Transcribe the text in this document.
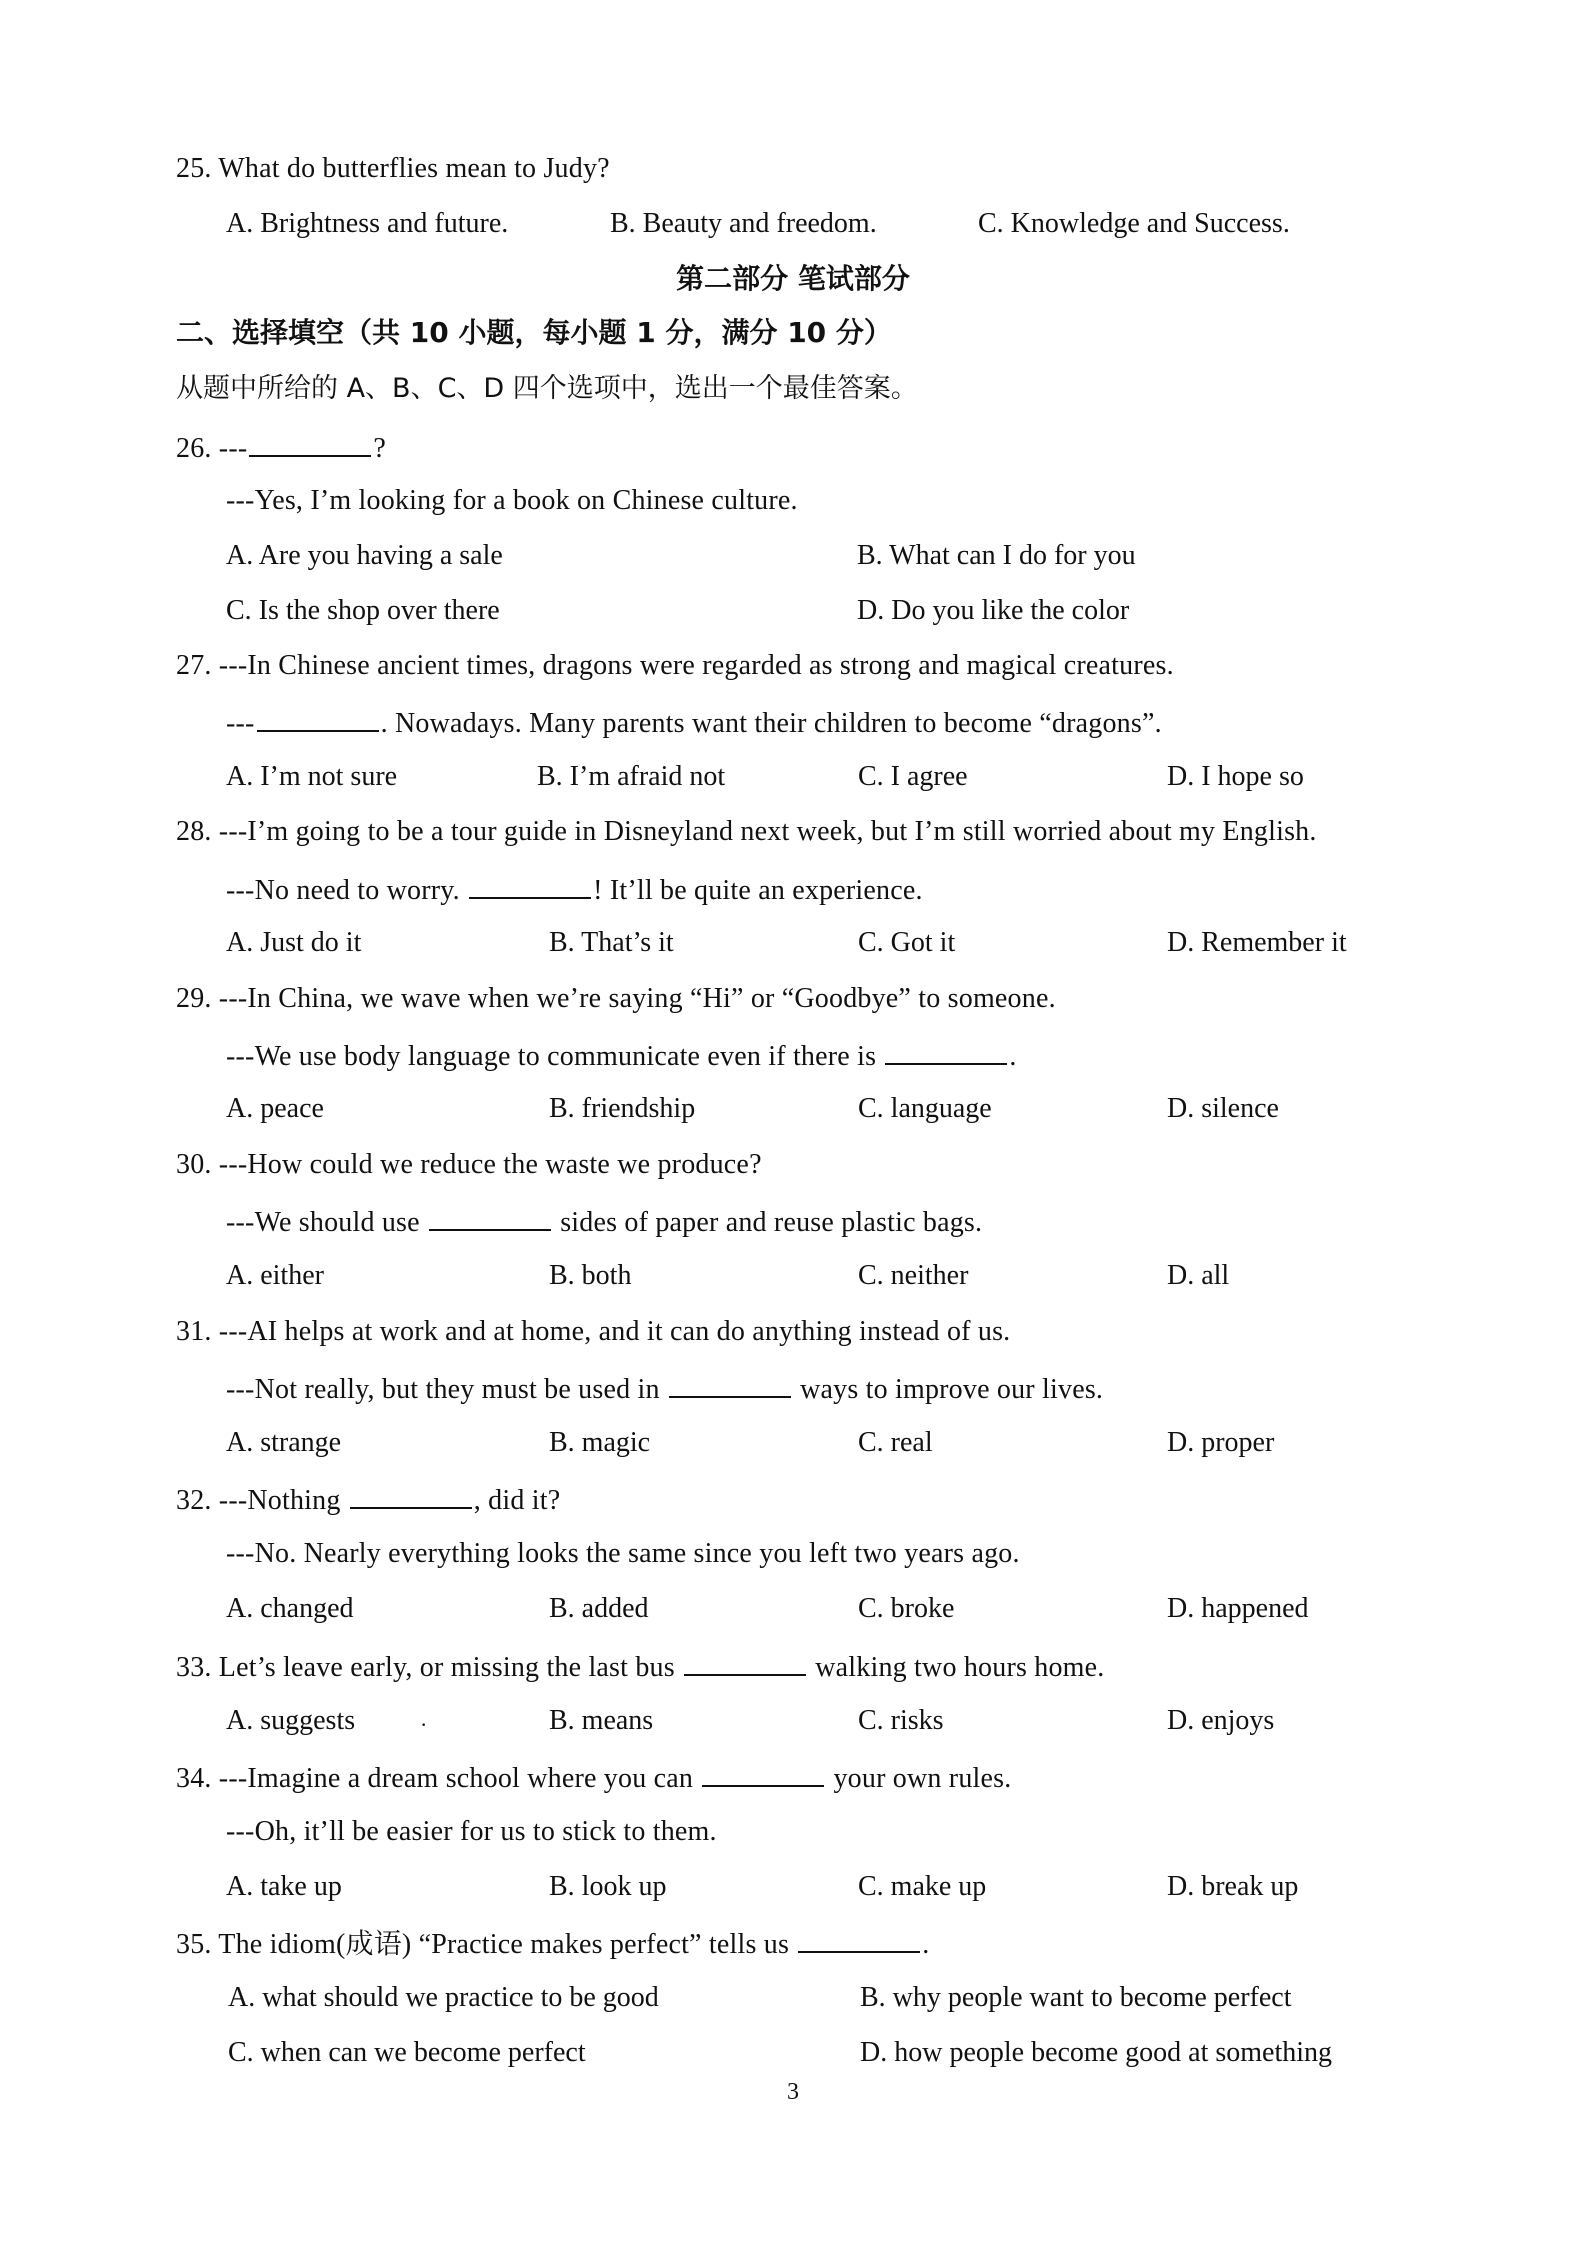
25. What do butterflies mean to Judy?
A. Brightness and future.	B. Beauty and freedom.	C. Knowledge and Success.
第二部分 笔试部分
二、选择填空（共 10 小题，每小题 1 分，满分 10 分）
从题中所给的 A、B、C、D 四个选项中，选出一个最佳答案。
26. ---	?
---Yes, I’m looking for a book on Chinese culture.
A. Are you having a sale	B. What can I do for you
C. Is the shop over there	D. Do you like the color
27. ---In Chinese ancient times, dragons were regarded as strong and magical creatures.
---	. Nowadays. Many parents want their children to become “dragons”.
A. I’m not sure	B. I’m afraid not	C. I agree	D. I hope so
28. ---I’m going to be a tour guide in Disneyland next week, but I’m still worried about my English.
---No need to worry.	! It’ll be quite an experience.
A. Just do it	B. That’s it	C. Got it	D. Remember it
29. ---In China, we wave when we’re saying “Hi” or “Goodbye” to someone.
---We use body language to communicate even if there is	.
A. peace	B. friendship	C. language	D. silence
30. ---How could we reduce the waste we produce?
---We should use	sides of paper and reuse plastic bags.
A. either	B. both	C. neither	D. all
31. ---AI helps at work and at home, and it can do anything instead of us.
---Not really, but they must be used in	ways to improve our lives.
A. strange	B. magic	C. real	D. proper
32. ---Nothing	, did it?
---No. Nearly everything looks the same since you left two years ago.
A. changed	B. added	C. broke	D. happened
33. Let’s leave early, or missing the last bus	walking two hours home.
A. suggests	·	B. means	C. risks	D. enjoys
34. ---Imagine a dream school where you can	your own rules.
---Oh, it’ll be easier for us to stick to them.
A. take up	B. look up	C. make up	D. break up
35. The idiom(成语) “Practice makes perfect” tells us	.
A. what should we practice to be good	B. why people want to become perfect
C. when can we become perfect	D. how people become good at something
3
